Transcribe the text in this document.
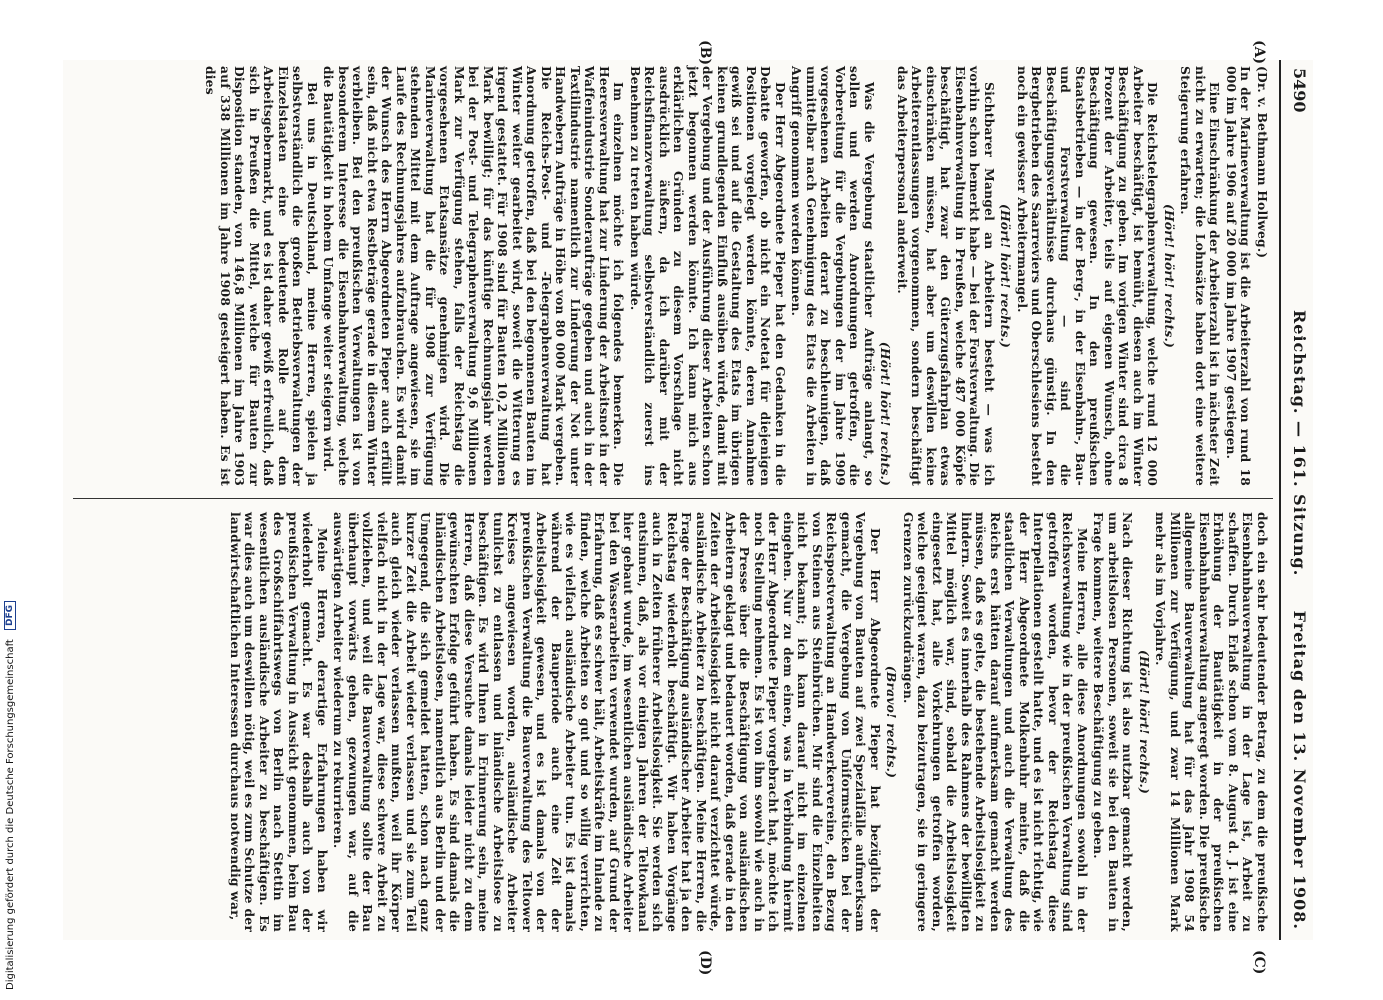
5490
Reichstag. — 161. Sitzung.
Freitag den 13. November 1908.
(A)
(B)
(C)
(D)

(Dr. v. Bethmann Hollweg.)

In der Marineverwaltung ist die Arbeiterzahl von rund 18 000 im Jahre 1906 auf 20 000 im Jahre 1907 gestiegen.

Eine Einschränkung der Arbeiterzahl ist in nächster Zeit nicht zu erwarten; die Lohnsätze haben dort eine weitere Steigerung erfahren.

(Hört! hört! rechts.)

Die Reichstelegraphenverwaltung, welche rund 12 000 Arbeiter beschäftigt, ist bemüht, diesen auch im Winter Beschäftigung zu geben. Im vorigen Winter sind circa 8 Prozent der Arbeiter, teils auf eigenen Wunsch, ohne Beschäftigung gewesen. In den preußischen Staatsbetrieben — in der Berg-, in der Eisenbahn-, Bau- und Forstverwaltung — sind die Beschäftigungsverhältnisse durchaus günstig. In den Bergbetrieben des Saarreviers und Oberschlesiens besteht noch ein gewisser Arbeitermangel.

(Hört! hört! rechts.)

Sichtbarer Mangel an Arbeitern besteht — was ich vorhin schon bemerkt habe — bei der Forstverwaltung. Die Eisenbahnverwaltung in Preußen, welche 487 000 Köpfe beschäftigt, hat zwar den Güterzugsfahrplan etwas einschränken müssen, hat aber um deswillen keine Arbeiterentlassungen vorgenommen, sondern beschäftigt das Arbeiterpersonal anderweit.

(Hört! hört! rechts.)

Was die Vergebung staatlicher Aufträge anlangt, so sollen und werden Anordnungen getroffen, die Vorbereitung für die Vergebungen der im Jahre 1909 vorgesehenen Arbeiten derart zu beschleunigen, daß unmittelbar nach Genehmigung des Etats die Arbeiten in Angriff genommen werden können.

Der Herr Abgeordnete Pieper hat den Gedanken in die Debatte geworfen, ob nicht ein Notetat für diejenigen Positionen vorgelegt werden könnte, deren Annahme gewiß sei und auf die Gestaltung des Etats im übrigen keinen grundlegenden Einfluß ausüben würde, damit mit der Vergebung und der Ausführung dieser Arbeiten schon jetzt begonnen werden könnte. Ich kann mich aus erklärlichen Gründen zu diesem Vorschlage nicht ausdrücklich äußern, da ich darüber mit der Reichsfinanzverwaltung selbstverständlich zuerst ins Benehmen zu treten haben würde.

Im einzelnen möchte ich folgendes bemerken. Die Heeresverwaltung hat zur Linderung der Arbeitsnot in der Waffenindustrie Sonderaufträge gegeben und auch in der Textilindustrie namentlich zur Linderung der Not unter Handwebern Aufträge in Höhe von 80 000 Mark vergeben. Die Reichs-Post- und -Telegraphenverwaltung hat Anordnung getroffen, daß bei den begonnenen Bauten im Winter weiter gearbeitet wird, soweit die Witterung es irgend gestattet. Für 1908 sind für Bauten 10,2 Millionen Mark bewilligt; für das künftige Rechnungsjahr werden bei der Post- und Telegraphenverwaltung 9,6 Millionen Mark zur Verfügung stehen, falls der Reichstag die vorgesehenen Etatsansätze genehmigen wird. Die Marineverwaltung hat die für 1908 zur Verfügung stehenden Mittel mit dem Auftrage angewiesen, sie im Laufe des Rechnungsjahres aufzubrauchen. Es wird damit der Wunsch des Herrn Abgeordneten Pieper auch erfüllt sein, daß nicht etwa Restbeträge gerade in diesem Winter verbleiben. Bei den preußischen Verwaltungen ist von besonderem Interesse die Eisenbahnverwaltung, welche die Bautätigkeit in hohem Umfange weiter steigern wird.

Bei uns in Deutschland, meine Herren, spielen ja selbstverständlich die großen Betriebsverwaltungen der Einzelstaaten eine bedeutende Rolle auf dem Arbeitsgebermarkt, und es ist daher gewiß erfreulich, daß sich in Preußen die Mittel, welche für Bauten zur Disposition standen, von 146,8 Millionen im Jahre 1903 auf 338 Millionen im Jahre 1908 gesteigert haben. Es ist dies

doch ein sehr bedeutender Betrag, zu dem die preußische Eisenbahnbauverwaltung in der Lage ist, Arbeit zu schaffen. Durch Erlaß schon vom 8. August d. J. ist eine Erhöhung der Bautätigkeit in der preußischen Eisenbahnbauverwaltung angeregt worden. Die preußische allgemeine Bauverwaltung hat für das Jahr 1908 54 Millionen zur Verfügung, und zwar 14 Millionen Mark mehr als im Vorjahre.

(Hört! hört! rechts.)

Nach dieser Richtung ist also nutzbar gemacht werden, um arbeitslosen Personen, soweit sie bei den Bauten in Frage kommen, weitere Beschäftigung zu geben.

Meine Herren, alle diese Anordnungen sowohl in der Reichsverwaltung wie in der preußischen Verwaltung sind getroffen worden, bevor der Reichstag diese Interpellationen gestellt hatte, und es ist nicht richtig, wie der Herr Abgeordnete Molkenbuhr meinte, daß die staatlichen Verwaltungen und auch die Verwaltung des Reichs erst hätten darauf aufmerksam gemacht werden müssen, daß es gelte, die bestehende Arbeitslosigkeit zu lindern. Soweit es innerhalb des Rahmens der bewilligten Mittel möglich war, sind, sobald die Arbeitslosigkeit eingesetzt hat, alle Vorkehrungen getroffen worden, welche geeignet waren, dazu beizutragen, sie in geringere Grenzen zurückzudrängen.

(Bravo! rechts.)

Der Herr Abgeordnete Pieper hat bezüglich der Vergebung von Bauten auf zwei Spezialfälle aufmerksam gemacht, die Vergebung von Uniformstücken bei der Reichspostverwaltung an Handwerkervereine, den Bezug von Steinen aus Steinbrüchen. Mir sind die Einzelheiten nicht bekannt; ich kann darauf nicht im einzelnen eingehen. Nur zu dem einen, was in Verbindung hiermit der Herr Abgeordnete Pieper vorgebracht hat, möchte ich noch Stellung nehmen. Es ist von ihm sowohl wie auch in der Presse über die Beschäftigung von ausländischen Arbeitern geklagt und bedauert worden, daß gerade in den Zeiten der Arbeitslosigkeit nicht darauf verzichtet würde, ausländische Arbeiter zu beschäftigen. Meine Herren, die Frage der Beschäftigung ausländischer Arbeiter hat ja den Reichstag wiederholt beschäftigt. Wir haben Vorgänge auch in Zeiten früherer Arbeitslosigkeit. Sie werden sich entsinnen, daß, als vor einigen Jahren der Teltowkanal hier gebaut wurde, im wesentlichen ausländische Arbeiter bei den Wasserarbeiten verwendet wurden, auf Grund der Erfahrung, daß es schwer hält, Arbeitskräfte im Inlande zu finden, welche Arbeiten so gut und so willig verrichten, wie es vielfach ausländische Arbeiter tun. Es ist damals während der Bauperiode auch eine Zeit der Arbeitslosigkeit gewesen, und es ist damals von der preußischen Verwaltung die Bauverwaltung des Teltower Kreises angewiesen worden, ausländische Arbeiter tunlichst zu entlassen und inländische Arbeitslose zu beschäftigen. Es wird Ihnen in Erinnerung sein, meine Herren, daß diese Versuche damals leider nicht zu dem gewünschten Erfolge geführt haben. Es sind damals die inländischen Arbeitslosen, namentlich aus Berlin und der Umgegend, die sich gemeldet hatten, schon nach ganz kurzer Zeit die Arbeit wieder verlassen und sie zum Teil auch gleich wieder verlassen mußten, weil ihr Körper vielfach nicht in der Lage war, diese schwere Arbeit zu vollziehen, und weil die Bauverwaltung sollte der Bau überhaupt vorwärts gehen, gezwungen war, auf die auswärtigen Arbeiter wiederum zu rekurrieren.

Meine Herren, derartige Erfahrungen haben wir wiederholt gemacht. Es war deshalb auch von der preußischen Verwaltung in Aussicht genommen, beim Bau des Großschiffahrtswegs von Berlin nach Stettin im wesentlichen ausländische Arbeiter zu beschäftigen. Es war dies auch um deswillen nötig, weil es zum Schutze der landwirtschaftlichen Interessen durchaus notwendig war,

Digitalisierung gefördert durch die Deutsche Forschungsgemeinschaft DFG
